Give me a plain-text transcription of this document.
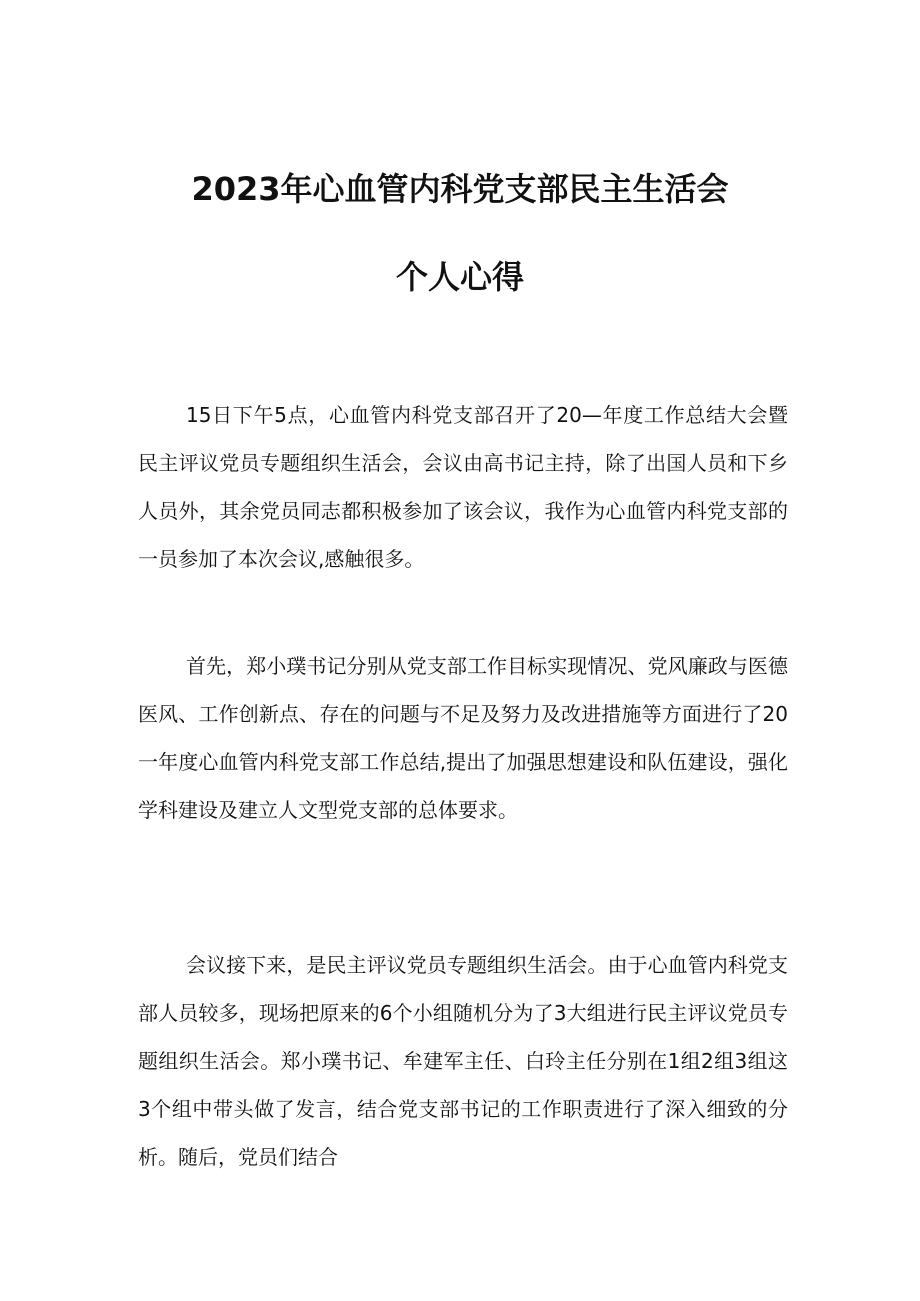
2023年心血管内科党支部民主生活会
个人心得

15日下午5点，心血管内科党支部召开了20—年度工作总结大会暨民主评议党员专题组织生活会，会议由高书记主持，除了出国人员和下乡人员外，其余党员同志都积极参加了该会议，我作为心血管内科党支部的一员参加了本次会议,感触很多。

首先，郑小璞书记分别从党支部工作目标实现情况、党风廉政与医德医风、工作创新点、存在的问题与不足及努力及改进措施等方面进行了20一年度心血管内科党支部工作总结,提出了加强思想建设和队伍建设，强化学科建设及建立人文型党支部的总体要求。

会议接下来，是民主评议党员专题组织生活会。由于心血管内科党支部人员较多，现场把原来的6个小组随机分为了3大组进行民主评议党员专题组织生活会。郑小璞书记、牟建军主任、白玲主任分别在1组2组3组这3个组中带头做了发言，结合党支部书记的工作职责进行了深入细致的分析。随后，党员们结合
